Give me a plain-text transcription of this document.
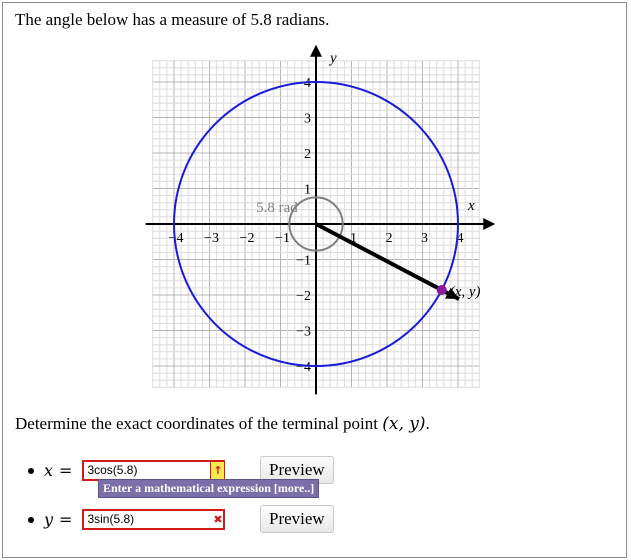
The angle below has a measure of 5.8 radians.
−4 −3 −2 −1	1 2 3 4
4
3
2
1
−1
−2
−3
−4
x
y
5.8 rad
(x, y)
Determine the exact coordinates of the terminal point (x, y).
x =	3cos(5.8)	↑	Preview
Enter a mathematical expression [more..]
y =	3sin(5.8)	✖	Preview
